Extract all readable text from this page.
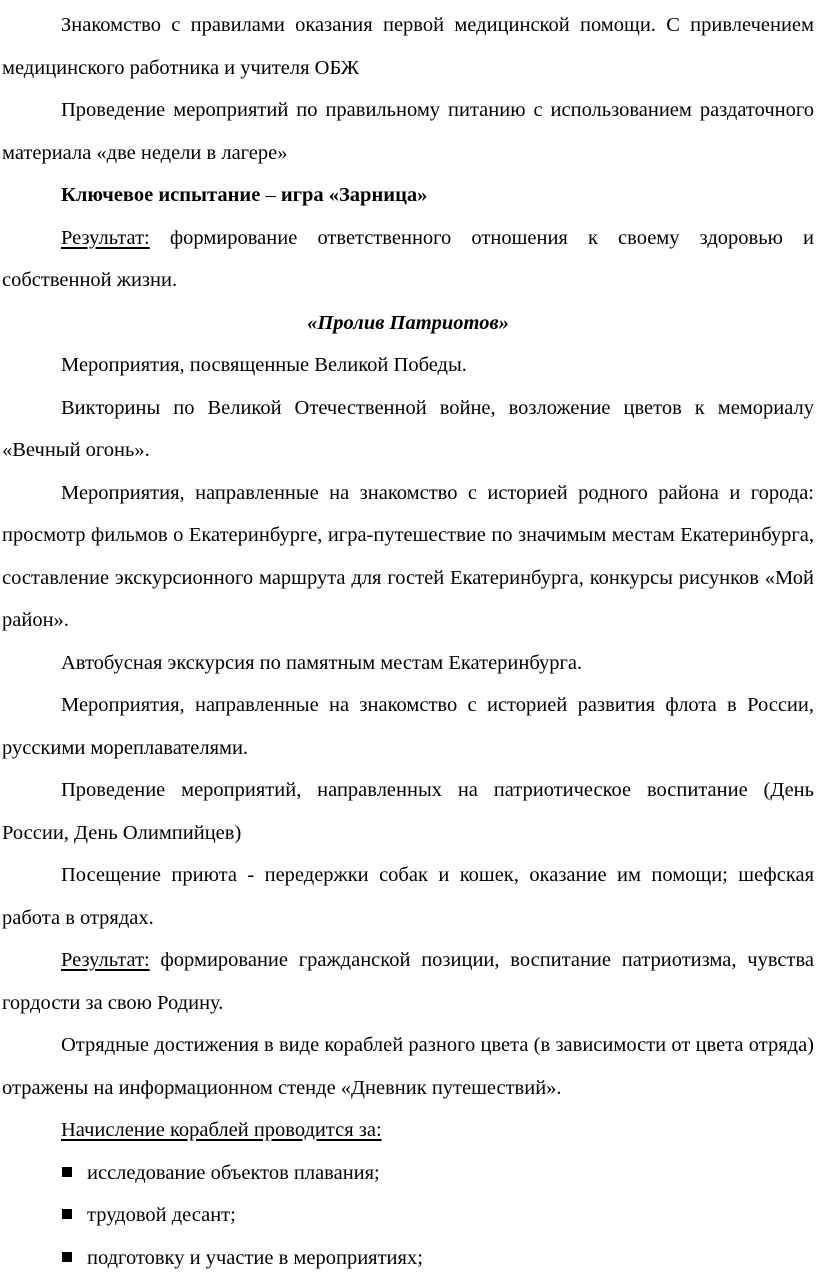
Знакомство с правилами оказания первой медицинской помощи. С привлечением медицинского работника и учителя ОБЖ

Проведение мероприятий по правильному питанию с использованием раздаточного материала «две недели в лагере»

Ключевое испытание – игра «Зарница»

Результат: формирование ответственного отношения к своему здоровью и собственной жизни.

«Пролив Патриотов»

Мероприятия, посвященные Великой Победы.

Викторины по Великой Отечественной войне, возложение цветов к мемориалу «Вечный огонь».

Мероприятия, направленные на знакомство с историей родного района и города: просмотр фильмов о Екатеринбурге, игра-путешествие по значимым местам Екатеринбурга, составление экскурсионного маршрута для гостей Екатеринбурга, конкурсы рисунков «Мой район».

Автобусная экскурсия по памятным местам Екатеринбурга.

Мероприятия, направленные на знакомство с историей развития флота в России, русскими мореплавателями.

Проведение мероприятий, направленных на патриотическое воспитание (День России, День Олимпийцев)

Посещение приюта - передержки собак и кошек, оказание им помощи; шефская работа в отрядах.

Результат: формирование гражданской позиции, воспитание патриотизма, чувства гордости за свою Родину.

Отрядные достижения в виде кораблей разного цвета (в зависимости от цвета отряда) отражены на информационном стенде «Дневник путешествий».

Начисление кораблей проводится за:

исследование объектов плавания;
трудовой десант;
подготовку и участие в мероприятиях;
